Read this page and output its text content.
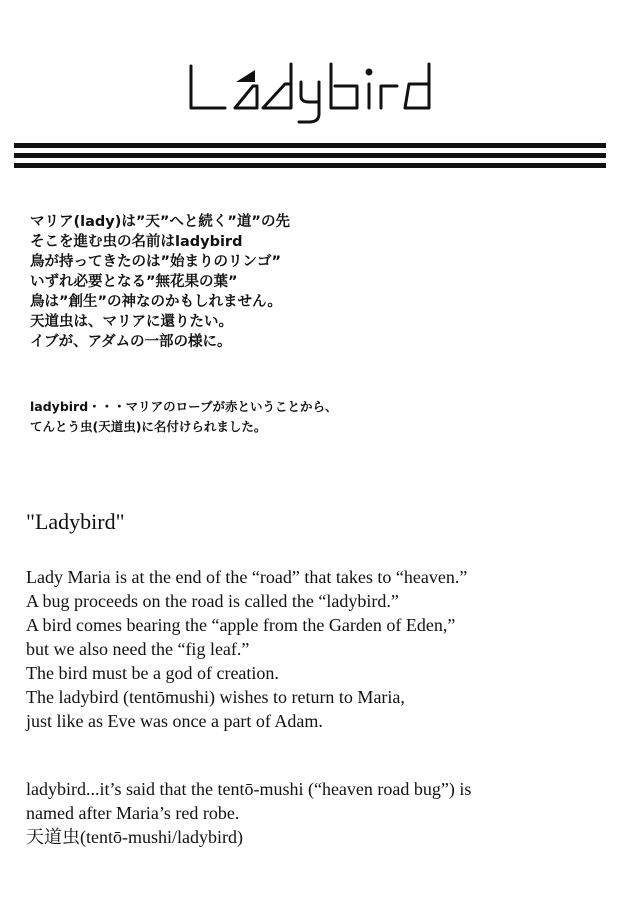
マリア(lady)は”天”へと続く”道”の先
そこを進む虫の名前はladybird
鳥が持ってきたのは”始まりのリンゴ”
いずれ必要となる”無花果の葉”
鳥は”創生”の神なのかもしれません。
天道虫は、マリアに還りたい。
イブが、アダムの一部の様に。
ladybird・・・マリアのローブが赤ということから、
てんとう虫(天道虫)に名付けられました。
"Ladybird"
Lady Maria is at the end of the “road” that takes to “heaven.”
A bug proceeds on the road is called the “ladybird.”
A bird comes bearing the “apple from the Garden of Eden,”
but we also need the “fig leaf.”
The bird must be a god of creation.
The ladybird (tentōmushi) wishes to return to Maria,
just like as Eve was once a part of Adam.
ladybird...it’s said that the tentō-mushi (“heaven road bug”) is
named after Maria’s red robe.
天道虫(tentō-mushi/ladybird)
